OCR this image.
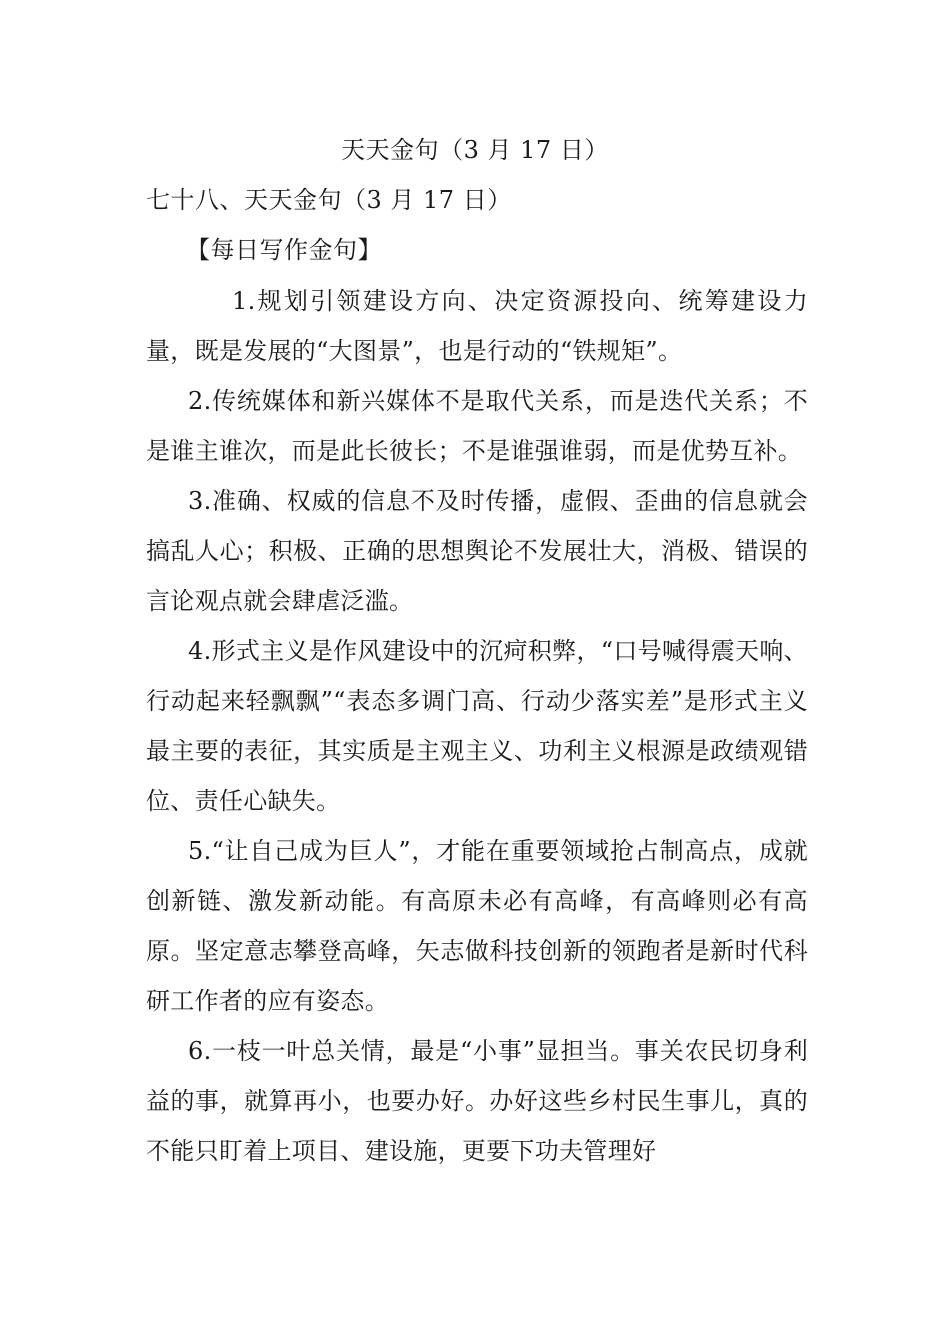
天天金句（3 月 17 日）
七十八、天天金句（3 月 17 日）
【每日写作金句】

1.规划引领建设方向、决定资源投向、统筹建设力量，既是发展的“大图景”，也是行动的“铁规矩”。

2.传统媒体和新兴媒体不是取代关系，而是迭代关系；不是谁主谁次，而是此长彼长；不是谁强谁弱，而是优势互补。

3.准确、权威的信息不及时传播，虚假、歪曲的信息就会搞乱人心；积极、正确的思想舆论不发展壮大，消极、错误的言论观点就会肆虐泛滥。

4.形式主义是作风建设中的沉疴积弊，“口号喊得震天响、行动起来轻飘飘”“表态多调门高、行动少落实差”是形式主义最主要的表征，其实质是主观主义、功利主义根源是政绩观错位、责任心缺失。

5.“让自己成为巨人”，才能在重要领域抢占制高点，成就创新链、激发新动能。有高原未必有高峰，有高峰则必有高原。坚定意志攀登高峰，矢志做科技创新的领跑者是新时代科研工作者的应有姿态。

6.一枝一叶总关情，最是“小事”显担当。事关农民切身利益的事，就算再小，也要办好。办好这些乡村民生事儿，真的不能只盯着上项目、建设施，更要下功夫管理好
